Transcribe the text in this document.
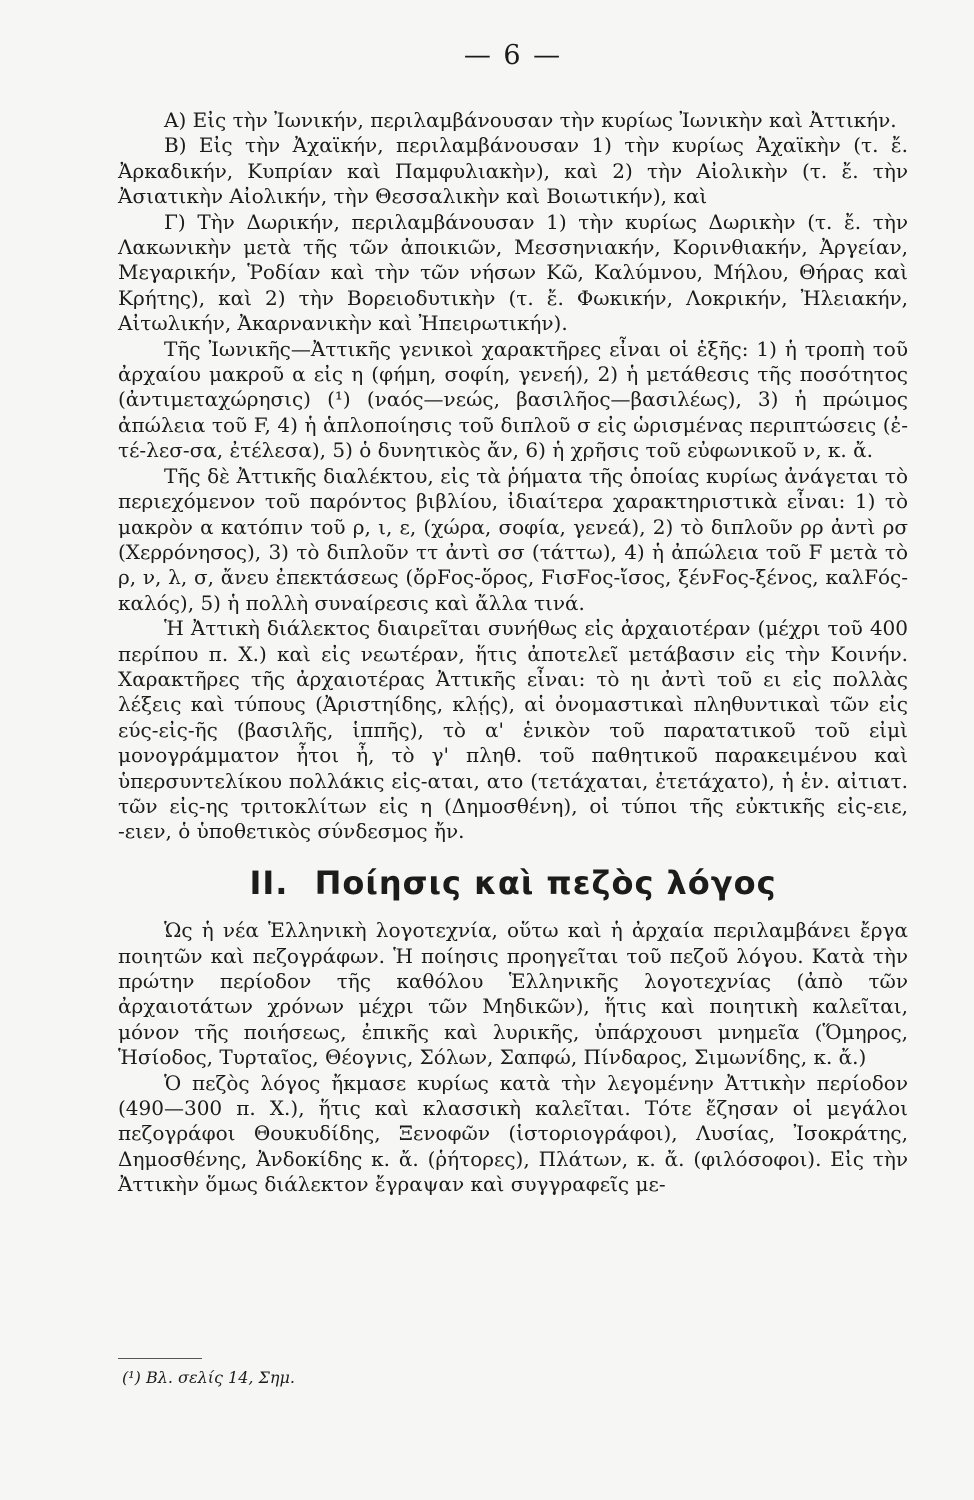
— 6 —

Α) Εἰς τὴν Ἰωνικήν, περιλαμβάνουσαν τὴν κυρίως Ἰωνικὴν καὶ Ἀττικήν.

Β) Εἰς τὴν Ἀχαϊκήν, περιλαμβάνουσαν 1) τὴν κυρίως Ἀχαϊκὴν (τ. ἔ. Ἀρκαδικήν, Κυπρίαν καὶ Παμφυλιακὴν), καὶ 2) τὴν Αἰολικὴν (τ. ἔ. τὴν Ἀσιατικὴν Αἰολικήν, τὴν Θεσσαλικὴν καὶ Βοιωτικήν), καὶ

Γ) Τὴν Δωρικήν, περιλαμβάνουσαν 1) τὴν κυρίως Δωρικὴν (τ. ἔ. τὴν Λακωνικὴν μετὰ τῆς τῶν ἀποικιῶν, Μεσσηνιακήν, Κορινθιακήν, Ἀργείαν, Μεγαρικήν, Ῥοδίαν καὶ τὴν τῶν νήσων Κῶ, Καλύμνου, Μήλου, Θήρας καὶ Κρήτης), καὶ 2) τὴν Βορειοδυτικὴν (τ. ἔ. Φωκικήν, Λοκρικήν, Ἠλειακήν, Αἰτωλικήν, Ἀκαρνανικὴν καὶ Ἠπειρωτικήν).

Τῆς Ἰωνικῆς—Ἀττικῆς γενικοὶ χαρακτῆρες εἶναι οἱ ἑξῆς: 1) ἡ τροπὴ τοῦ ἀρχαίου μακροῦ α εἰς η (φήμη, σοφίη, γενεή), 2) ἡ μετάθεσις τῆς ποσότητος (ἀντιμεταχώρησις) (¹) (ναός—νεώς, βασιλῆος—βασιλέως), 3) ἡ πρώιμος ἀπώλεια τοῦ F, 4) ἡ ἁπλοποίησις τοῦ διπλοῦ σ εἰς ὡρισμένας περιπτώσεις (ἐ-τέ-λεσ-σα, ἐτέλεσα), 5) ὁ δυνητικὸς ἄν, 6) ἡ χρῆσις τοῦ εὐφωνικοῦ ν, κ. ἄ.

Τῆς δὲ Ἀττικῆς διαλέκτου, εἰς τὰ ῥήματα τῆς ὁποίας κυρίως ἀνάγεται τὸ περιεχόμενον τοῦ παρόντος βιβλίου, ἰδιαίτερα χαρακτηριστικὰ εἶναι: 1) τὸ μακρὸν α κατόπιν τοῦ ρ, ι, ε, (χώρα, σοφία, γενεά), 2) τὸ διπλοῦν ρρ ἀντὶ ρσ (Χερρόνησος), 3) τὸ διπλοῦν ττ ἀντὶ σσ (τάττω), 4) ἡ ἀπώλεια τοῦ F μετὰ τὸ ρ, ν, λ, σ, ἄνευ ἐπεκτάσεως (ὄρFος-ὅρος, FισFος-ἴσος, ξένFος-ξένος, καλFός-καλός), 5) ἡ πολλὴ συναίρεσις καὶ ἄλλα τινά.

Ἡ Ἀττικὴ διάλεκτος διαιρεῖται συνήθως εἰς ἀρχαιοτέραν (μέχρι τοῦ 400 περίπου π. Χ.) καὶ εἰς νεωτέραν, ἥτις ἀποτελεῖ μετάβασιν εἰς τὴν Κοινήν. Χαρακτῆρες τῆς ἀρχαιοτέρας Ἀττικῆς εἶναι: τὸ ηι ἀντὶ τοῦ ει εἰς πολλὰς λέξεις καὶ τύπους (Ἀριστηίδης, κλῄς), αἱ ὀνομαστικαὶ πληθυντικαὶ τῶν εἰς εύς-εἰς-ῆς (βασιλῆς, ἱππῆς), τὸ α' ἑνικὸν τοῦ παρατατικοῦ τοῦ εἰμὶ μονογράμματον ἦτοι ἦ, τὸ γ' πληθ. τοῦ παθητικοῦ παρακειμένου καὶ ὑπερσυντελίκου πολλάκις εἰς-αται, ατο (τετάχαται, ἐτετάχατο), ἡ ἑν. αἰτιατ. τῶν εἰς-ης τριτοκλίτων εἰς η (Δημοσθένη), οἱ τύποι τῆς εὐκτικῆς εἰς-ειε, -ειεν, ὁ ὑποθετικὸς σύνδεσμος ἤν.

II. Ποίησις καὶ πεζὸς λόγος

Ὡς ἡ νέα Ἑλληνικὴ λογοτεχνία, οὕτω καὶ ἡ ἀρχαία περιλαμβάνει ἔργα ποιητῶν καὶ πεζογράφων. Ἡ ποίησις προηγεῖται τοῦ πεζοῦ λόγου. Κατὰ τὴν πρώτην περίοδον τῆς καθόλου Ἑλληνικῆς λογοτεχνίας (ἀπὸ τῶν ἀρχαιοτάτων χρόνων μέχρι τῶν Μηδικῶν), ἥτις καὶ ποιητικὴ καλεῖται, μόνον τῆς ποιήσεως, ἐπικῆς καὶ λυρικῆς, ὑπάρχουσι μνημεῖα (Ὅμηρος, Ἡσίοδος, Τυρταῖος, Θέογνις, Σόλων, Σαπφώ, Πίνδαρος, Σιμωνίδης, κ. ἄ.)

Ὁ πεζὸς λόγος ἤκμασε κυρίως κατὰ τὴν λεγομένην Ἀττικὴν περίοδον (490—300 π. Χ.), ἥτις καὶ κλασσικὴ καλεῖται. Τότε ἔζησαν οἱ μεγάλοι πεζογράφοι Θουκυδίδης, Ξενοφῶν (ἱστοριογράφοι), Λυσίας, Ἰσοκράτης, Δημοσθένης, Ἀνδοκίδης κ. ἄ. (ῥήτορες), Πλάτων, κ. ἄ. (φιλόσοφοι). Εἰς τὴν Ἀττικὴν ὅμως διάλεκτον ἔγραψαν καὶ συγγραφεῖς με-

(¹) Βλ. σελίς 14, Σημ.
